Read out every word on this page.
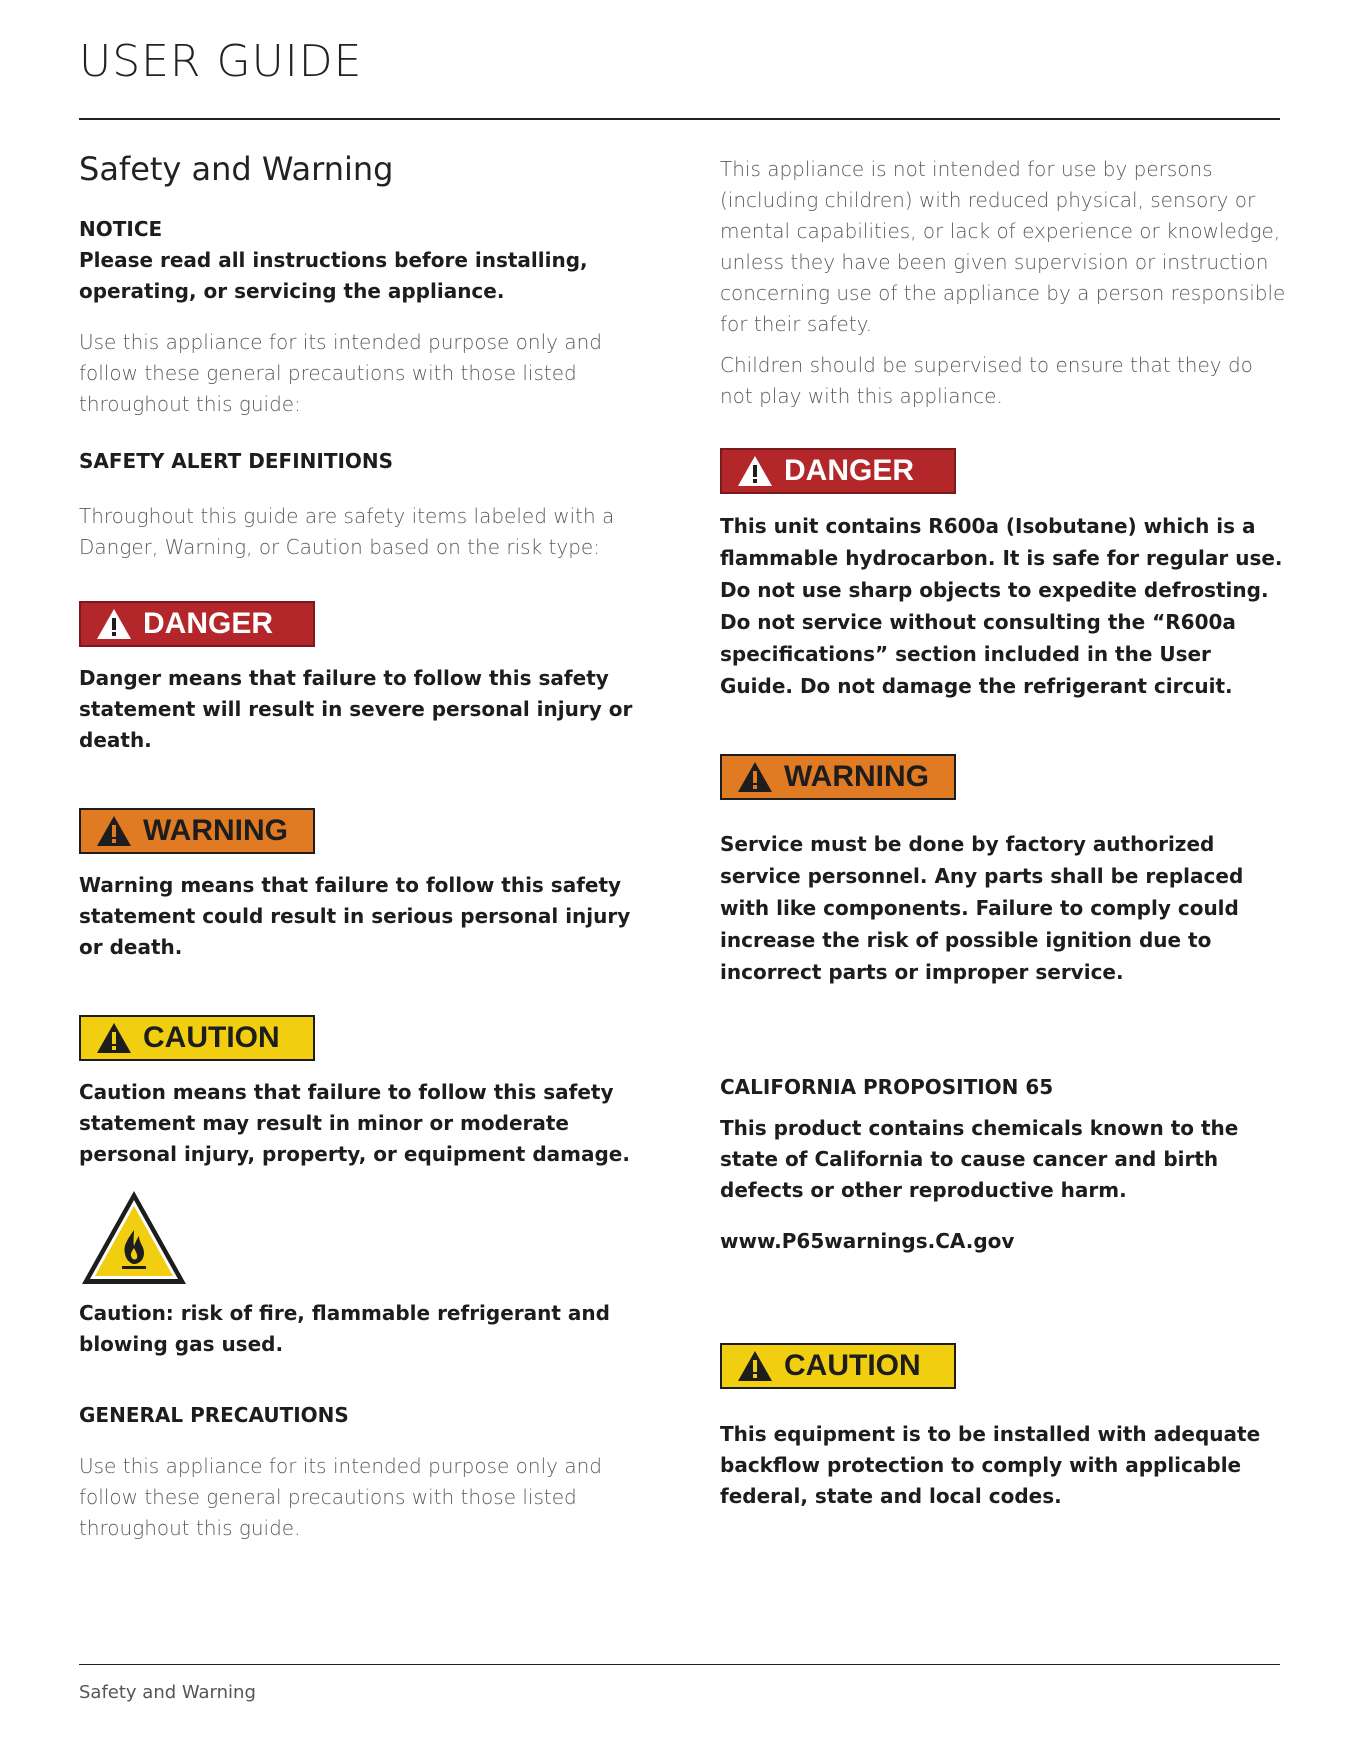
USER GUIDE
Safety and Warning

NOTICE

Please read all instructions before installing, operating, or servicing the appliance.

Use this appliance for its intended purpose only and follow these general precautions with those listed throughout this guide:

SAFETY ALERT DEFINITIONS

Throughout this guide are safety items labeled with a Danger, Warning, or Caution based on the risk type:

DANGER

Danger means that failure to follow this safety statement will result in severe personal injury or death.

WARNING

Warning means that failure to follow this safety statement could result in serious personal injury or death.

CAUTION

Caution means that failure to follow this safety statement may result in minor or moderate personal injury, property, or equipment damage.

Caution: risk of fire, flammable refrigerant and blowing gas used.

GENERAL PRECAUTIONS

Use this appliance for its intended purpose only and follow these general precautions with those listed throughout this guide.

This appliance is not intended for use by persons (including children) with reduced physical, sensory or mental capabilities, or lack of experience or knowledge, unless they have been given supervision or instruction concerning use of the appliance by a person responsible for their safety.

Children should be supervised to ensure that they do not play with this appliance.

DANGER

This unit contains R600a (Isobutane) which is a flammable hydrocarbon. It is safe for regular use. Do not use sharp objects to expedite defrosting. Do not service without consulting the “R600a specifications” section included in the User Guide. Do not damage the refrigerant circuit.

WARNING

Service must be done by factory authorized service personnel. Any parts shall be replaced with like components. Failure to comply could increase the risk of possible ignition due to incorrect parts or improper service.

CALIFORNIA PROPOSITION 65

This product contains chemicals known to the state of California to cause cancer and birth defects or other reproductive harm.

www.P65warnings.CA.gov

CAUTION

This equipment is to be installed with adequate backflow protection to comply with applicable federal, state and local codes.

Safety and Warning
